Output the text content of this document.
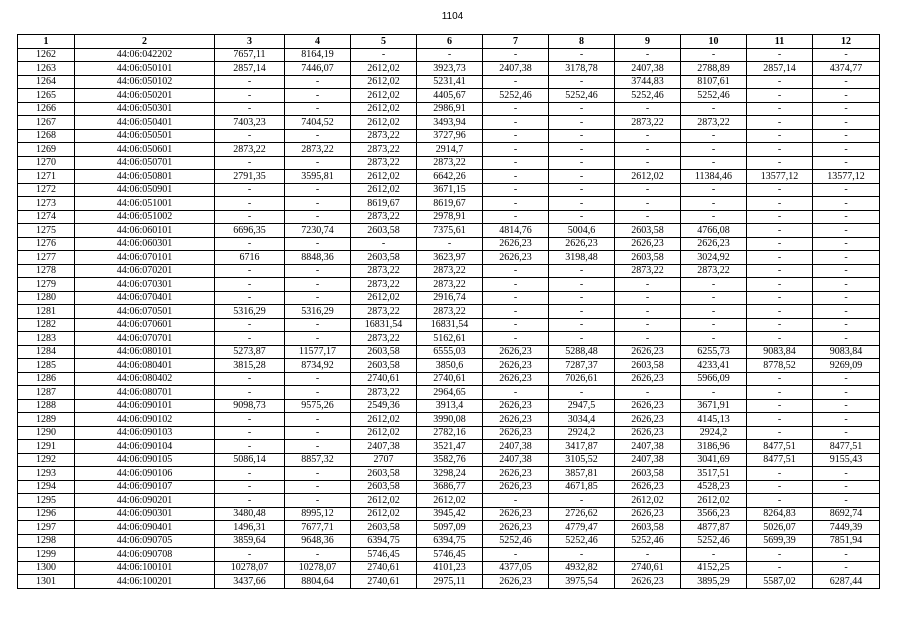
1104
1	2	3	4	5	6	7	8	9	10	11	12
1262	44:06:042202	7657,11	8164,19	-	-	-	-	-	-	-	-
1263	44:06:050101	2857,14	7446,07	2612,02	3923,73	2407,38	3178,78	2407,38	2788,89	2857,14	4374,77
1264	44:06:050102	-	-	2612,02	5231,41	-	-	3744,83	8107,61	-	-
1265	44:06:050201	-	-	2612,02	4405,67	5252,46	5252,46	5252,46	5252,46	-	-
1266	44:06:050301	-	-	2612,02	2986,91	-	-	-	-	-	-
1267	44:06:050401	7403,23	7404,52	2612,02	3493,94	-	-	2873,22	2873,22	-	-
1268	44:06:050501	-	-	2873,22	3727,96	-	-	-	-	-	-
1269	44:06:050601	2873,22	2873,22	2873,22	2914,7	-	-	-	-	-	-
1270	44:06:050701	-	-	2873,22	2873,22	-	-	-	-	-	-
1271	44:06:050801	2791,35	3595,81	2612,02	6642,26	-	-	2612,02	11384,46	13577,12	13577,12
1272	44:06:050901	-	-	2612,02	3671,15	-	-	-	-	-	-
1273	44:06:051001	-	-	8619,67	8619,67	-	-	-	-	-	-
1274	44:06:051002	-	-	2873,22	2978,91	-	-	-	-	-	-
1275	44:06:060101	6696,35	7230,74	2603,58	7375,61	4814,76	5004,6	2603,58	4766,08	-	-
1276	44:06:060301	-	-	-	-	2626,23	2626,23	2626,23	2626,23	-	-
1277	44:06:070101	6716	8848,36	2603,58	3623,97	2626,23	3198,48	2603,58	3024,92	-	-
1278	44:06:070201	-	-	2873,22	2873,22	-	-	2873,22	2873,22	-	-
1279	44:06:070301	-	-	2873,22	2873,22	-	-	-	-	-	-
1280	44:06:070401	-	-	2612,02	2916,74	-	-	-	-	-	-
1281	44:06:070501	5316,29	5316,29	2873,22	2873,22	-	-	-	-	-	-
1282	44:06:070601	-	-	16831,54	16831,54	-	-	-	-	-	-
1283	44:06:070701	-	-	2873,22	5162,61	-	-	-	-	-	-
1284	44:06:080101	5273,87	11577,17	2603,58	6555,03	2626,23	5288,48	2626,23	6255,73	9083,84	9083,84
1285	44:06:080401	3815,28	8734,92	2603,58	3850,6	2626,23	7287,37	2603,58	4233,41	8778,52	9269,09
1286	44:06:080402	-	-	2740,61	2740,61	2626,23	7026,61	2626,23	5966,09	-	-
1287	44:06:080701	-	-	2873,22	2964,65	-	-	-	-	-	-
1288	44:06:090101	9098,73	9575,26	2549,36	3913,4	2626,23	2947,5	2626,23	3671,91	-	-
1289	44:06:090102	-	-	2612,02	3990,08	2626,23	3034,4	2626,23	4145,13	-	-
1290	44:06:090103	-	-	2612,02	2782,16	2626,23	2924,2	2626,23	2924,2	-	-
1291	44:06:090104	-	-	2407,38	3521,47	2407,38	3417,87	2407,38	3186,96	8477,51	8477,51
1292	44:06:090105	5086,14	8857,32	2707	3582,76	2407,38	3105,52	2407,38	3041,69	8477,51	9155,43
1293	44:06:090106	-	-	2603,58	3298,24	2626,23	3857,81	2603,58	3517,51	-	-
1294	44:06:090107	-	-	2603,58	3686,77	2626,23	4671,85	2626,23	4528,23	-	-
1295	44:06:090201	-	-	2612,02	2612,02	-	-	2612,02	2612,02	-	-
1296	44:06:090301	3480,48	8995,12	2612,02	3945,42	2626,23	2726,62	2626,23	3566,23	8264,83	8692,74
1297	44:06:090401	1496,31	7677,71	2603,58	5097,09	2626,23	4779,47	2603,58	4877,87	5026,07	7449,39
1298	44:06:090705	3859,64	9648,36	6394,75	6394,75	5252,46	5252,46	5252,46	5252,46	5699,39	7851,94
1299	44:06:090708	-	-	5746,45	5746,45	-	-	-	-	-	-
1300	44:06:100101	10278,07	10278,07	2740,61	4101,23	4377,05	4932,82	2740,61	4152,25	-	-
1301	44:06:100201	3437,66	8804,64	2740,61	2975,11	2626,23	3975,54	2626,23	3895,29	5587,02	6287,44
